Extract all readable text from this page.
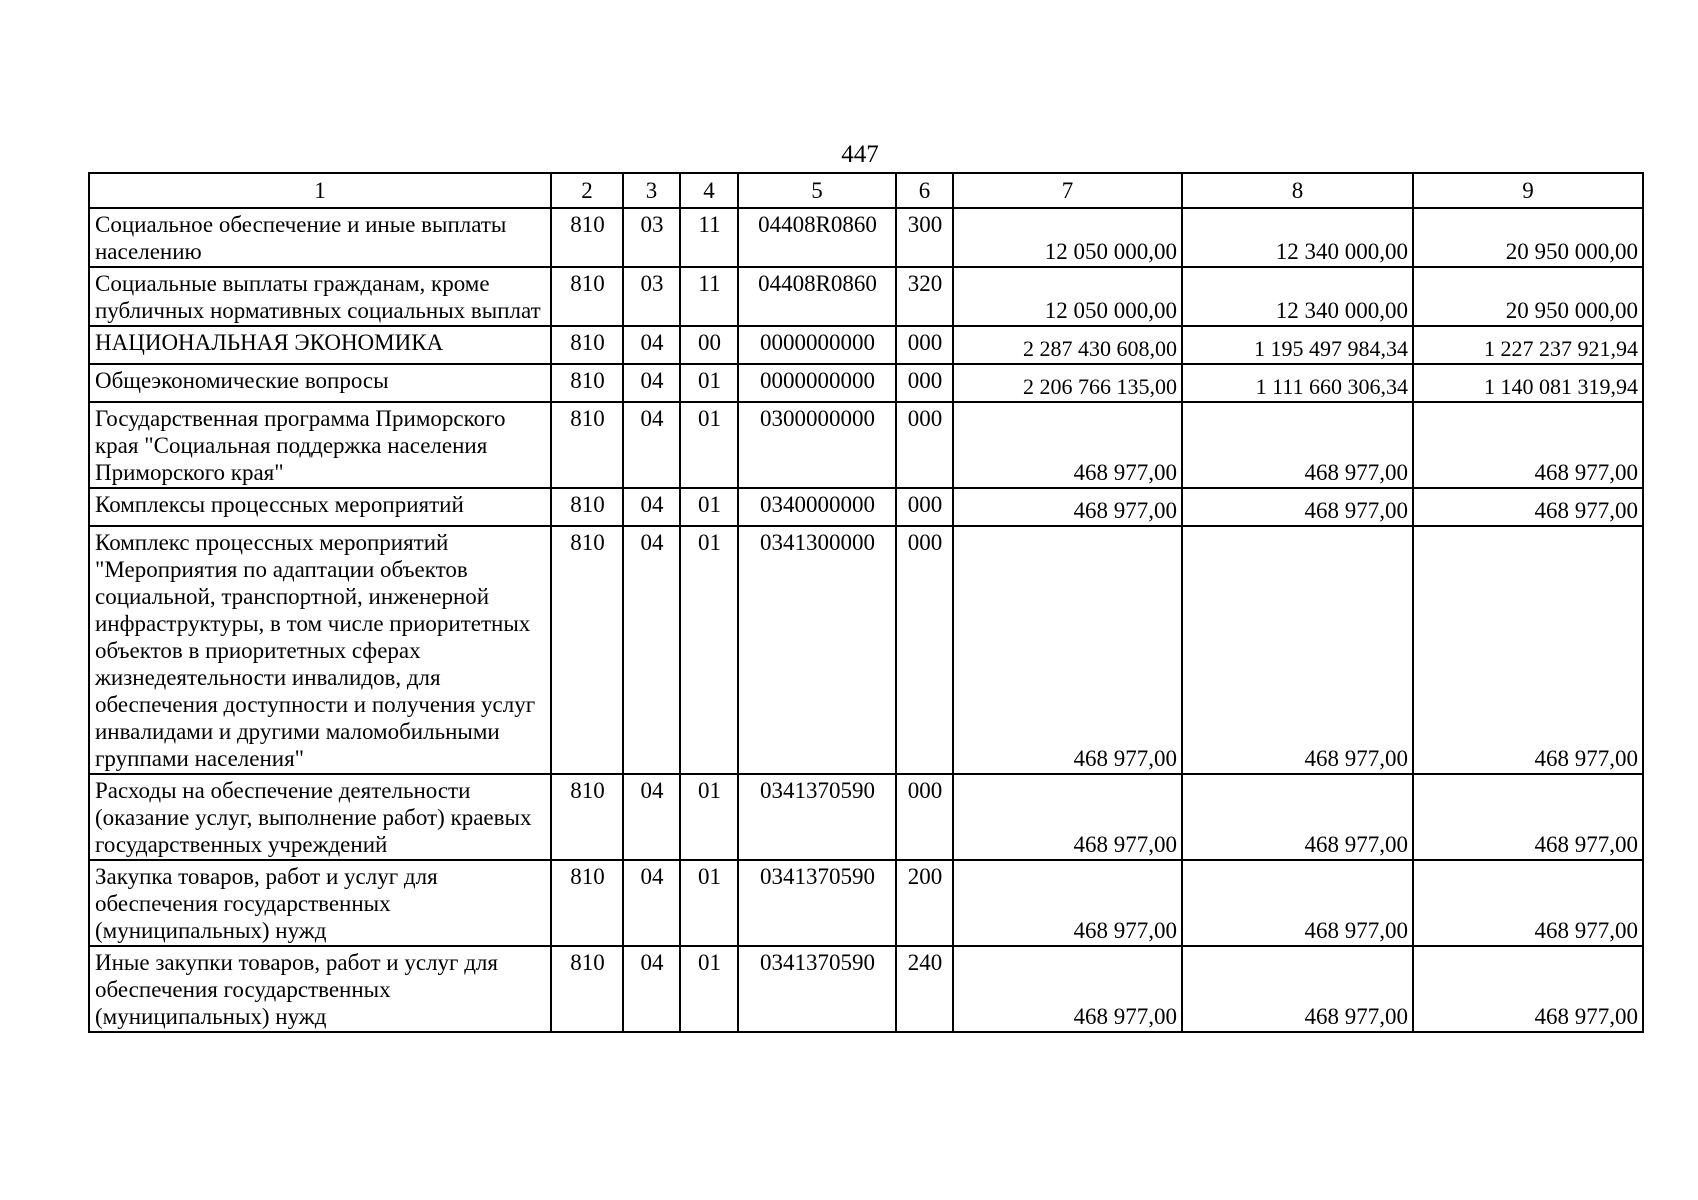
447
1	2	3	4	5	6	7	8	9
Социальное обеспечение и иные выплаты населению	810	03	11	04408R0860	300	12 050 000,00	12 340 000,00	20 950 000,00
Социальные выплаты гражданам, кроме публичных нормативных социальных выплат	810	03	11	04408R0860	320	12 050 000,00	12 340 000,00	20 950 000,00
НАЦИОНАЛЬНАЯ ЭКОНОМИКА	810	04	00	0000000000	000	2 287 430 608,00	1 195 497 984,34	1 227 237 921,94
Общеэкономические вопросы	810	04	01	0000000000	000	2 206 766 135,00	1 111 660 306,34	1 140 081 319,94
Государственная программа Приморского края "Социальная поддержка населения Приморского края"	810	04	01	0300000000	000	468 977,00	468 977,00	468 977,00
Комплексы процессных мероприятий	810	04	01	0340000000	000	468 977,00	468 977,00	468 977,00
Комплекс процессных мероприятий "Мероприятия по адаптации объектов социальной, транспортной, инженерной инфраструктуры, в том числе приоритетных объектов в приоритетных сферах жизнедеятельности инвалидов, для обеспечения доступности и получения услуг инвалидами и другими маломобильными группами населения"	810	04	01	0341300000	000	468 977,00	468 977,00	468 977,00
Расходы на обеспечение деятельности (оказание услуг, выполнение работ) краевых государственных учреждений	810	04	01	0341370590	000	468 977,00	468 977,00	468 977,00
Закупка товаров, работ и услуг для обеспечения государственных (муниципальных) нужд	810	04	01	0341370590	200	468 977,00	468 977,00	468 977,00
Иные закупки товаров, работ и услуг для обеспечения государственных (муниципальных) нужд	810	04	01	0341370590	240	468 977,00	468 977,00	468 977,00
